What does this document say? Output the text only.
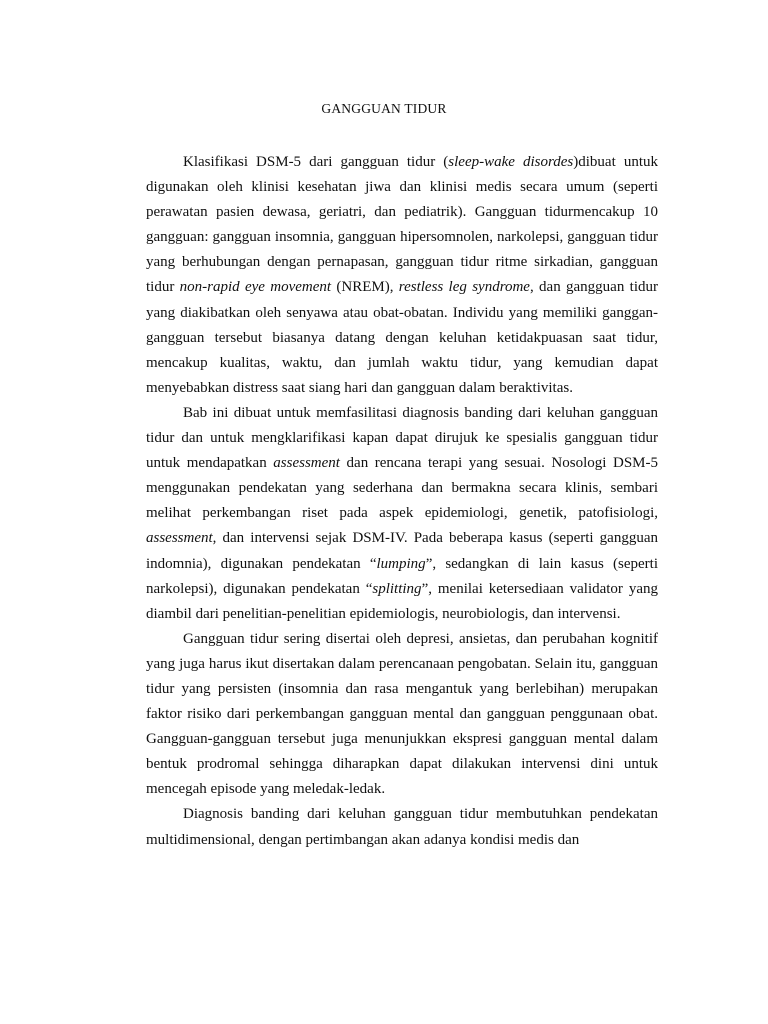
GANGGUAN TIDUR

Klasifikasi DSM-5 dari gangguan tidur (sleep-wake disordes)dibuat untuk digunakan oleh klinisi kesehatan jiwa dan klinisi medis secara umum (seperti perawatan pasien dewasa, geriatri, dan pediatrik). Gangguan tidurmencakup 10 gangguan: gangguan insomnia, gangguan hipersomnolen, narkolepsi, gangguan tidur yang berhubungan dengan pernapasan, gangguan tidur ritme sirkadian, gangguan tidur non-rapid eye movement (NREM), restless leg syndrome, dan gangguan tidur yang diakibatkan oleh senyawa atau obat-obatan. Individu yang memiliki ganggan-gangguan tersebut biasanya datang dengan keluhan ketidakpuasan saat tidur, mencakup kualitas, waktu, dan jumlah waktu tidur, yang kemudian dapat menyebabkan distress saat siang hari dan gangguan dalam beraktivitas.

Bab ini dibuat untuk memfasilitasi diagnosis banding dari keluhan gangguan tidur dan untuk mengklarifikasi kapan dapat dirujuk ke spesialis gangguan tidur untuk mendapatkan assessment dan rencana terapi yang sesuai. Nosologi DSM-5 menggunakan pendekatan yang sederhana dan bermakna secara klinis, sembari melihat perkembangan riset pada aspek epidemiologi, genetik, patofisiologi, assessment, dan intervensi sejak DSM-IV. Pada beberapa kasus (seperti gangguan indomnia), digunakan pendekatan “lumping”, sedangkan di lain kasus (seperti narkolepsi), digunakan pendekatan “splitting”, menilai ketersediaan validator yang diambil dari penelitian-penelitian epidemiologis, neurobiologis, dan intervensi.

Gangguan tidur sering disertai oleh depresi, ansietas, dan perubahan kognitif yang juga harus ikut disertakan dalam perencanaan pengobatan. Selain itu, gangguan tidur yang persisten (insomnia dan rasa mengantuk yang berlebihan) merupakan faktor risiko dari perkembangan gangguan mental dan gangguan penggunaan obat. Gangguan-gangguan tersebut juga menunjukkan ekspresi gangguan mental dalam bentuk prodromal sehingga diharapkan dapat dilakukan intervensi dini untuk mencegah episode yang meledak-ledak.

Diagnosis banding dari keluhan gangguan tidur membutuhkan pendekatan multidimensional, dengan pertimbangan akan adanya kondisi medis dan
